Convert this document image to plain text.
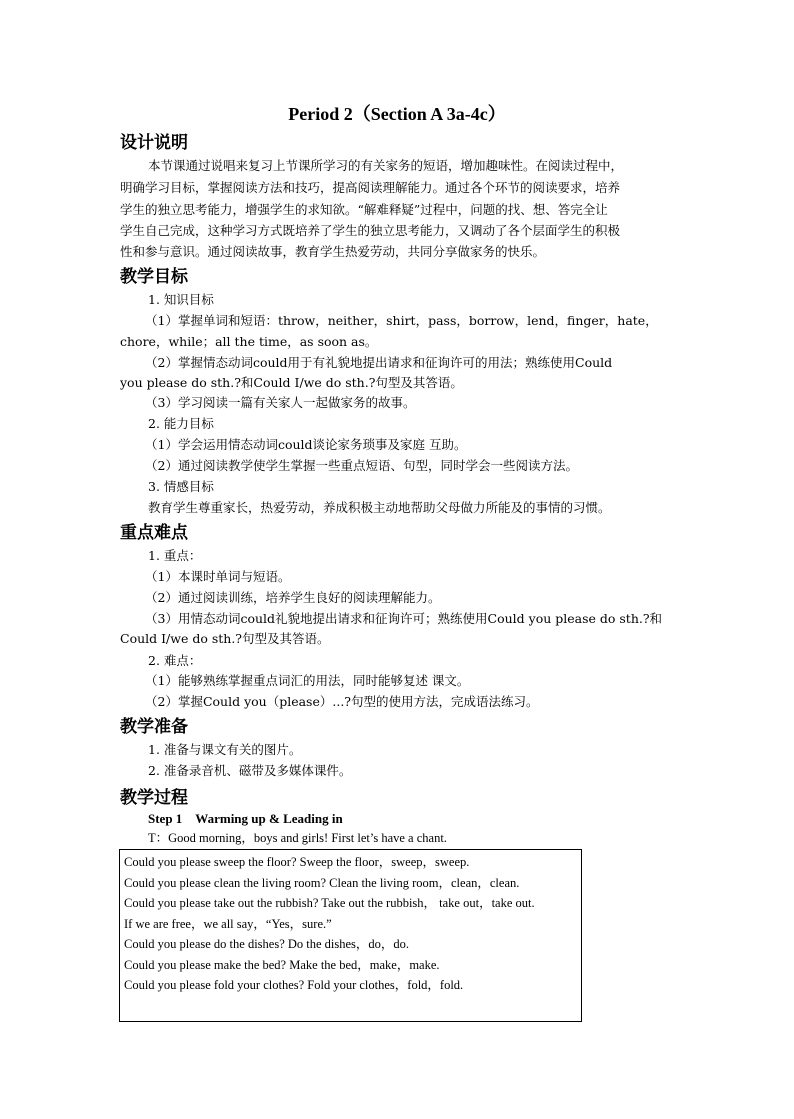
Period 2（Section A 3a-4c）
设计说明
本节课通过说唱来复习上节课所学习的有关家务的短语，增加趣味性。在阅读过程中，
明确学习目标，掌握阅读方法和技巧，提高阅读理解能力。通过各个环节的阅读要求，培养
学生的独立思考能力，增强学生的求知欲。“解难释疑”过程中，问题的找、想、答完全让
学生自己完成，这种学习方式既培养了学生的独立思考能力，又调动了各个层面学生的积极
性和参与意识。通过阅读故事，教育学生热爱劳动，共同分享做家务的快乐。
教学目标
1. 知识目标
（1）掌握单词和短语：throw，neither，shirt，pass，borrow，lend，finger，hate，
chore，while；all the time，as soon as。
（2）掌握情态动词could用于有礼貌地提出请求和征询许可的用法；熟练使用Could
you please do sth.?和Could I/we do sth.?句型及其答语。
（3）学习阅读一篇有关家人一起做家务的故事。
2. 能力目标
（1）学会运用情态动词could谈论家务琐事及家庭 互助。
（2）通过阅读教学使学生掌握一些重点短语、句型，同时学会一些阅读方法。
3. 情感目标
教育学生尊重家长，热爱劳动，养成积极主动地帮助父母做力所能及的事情的习惯。
重点难点
1. 重点：
（1）本课时单词与短语。
（2）通过阅读训练，培养学生良好的阅读理解能力。
（3）用情态动词could礼貌地提出请求和征询许可；熟练使用Could you please do sth.?和
Could I/we do sth.?句型及其答语。
2. 难点：
（1）能够熟练掌握重点词汇的用法，同时能够复述 课文。
（2）掌握Could you（please）...?句型的使用方法，完成语法练习。
教学准备
1. 准备与课文有关的图片。
2. 准备录音机、磁带及多媒体课件。
教学过程
Step 1　Warming up & Leading in
T：Good morning，boys and girls! First let’s have a chant.
Could you please sweep the floor? Sweep the floor，sweep，sweep.
Could you please clean the living room? Clean the living room，clean，clean.
Could you please take out the rubbish? Take out the rubbish， take out，take out.
If we are free，we all say，“Yes，sure.”
Could you please do the dishes? Do the dishes，do，do.
Could you please make the bed? Make the bed，make，make.
Could you please fold your clothes? Fold your clothes，fold，fold.
